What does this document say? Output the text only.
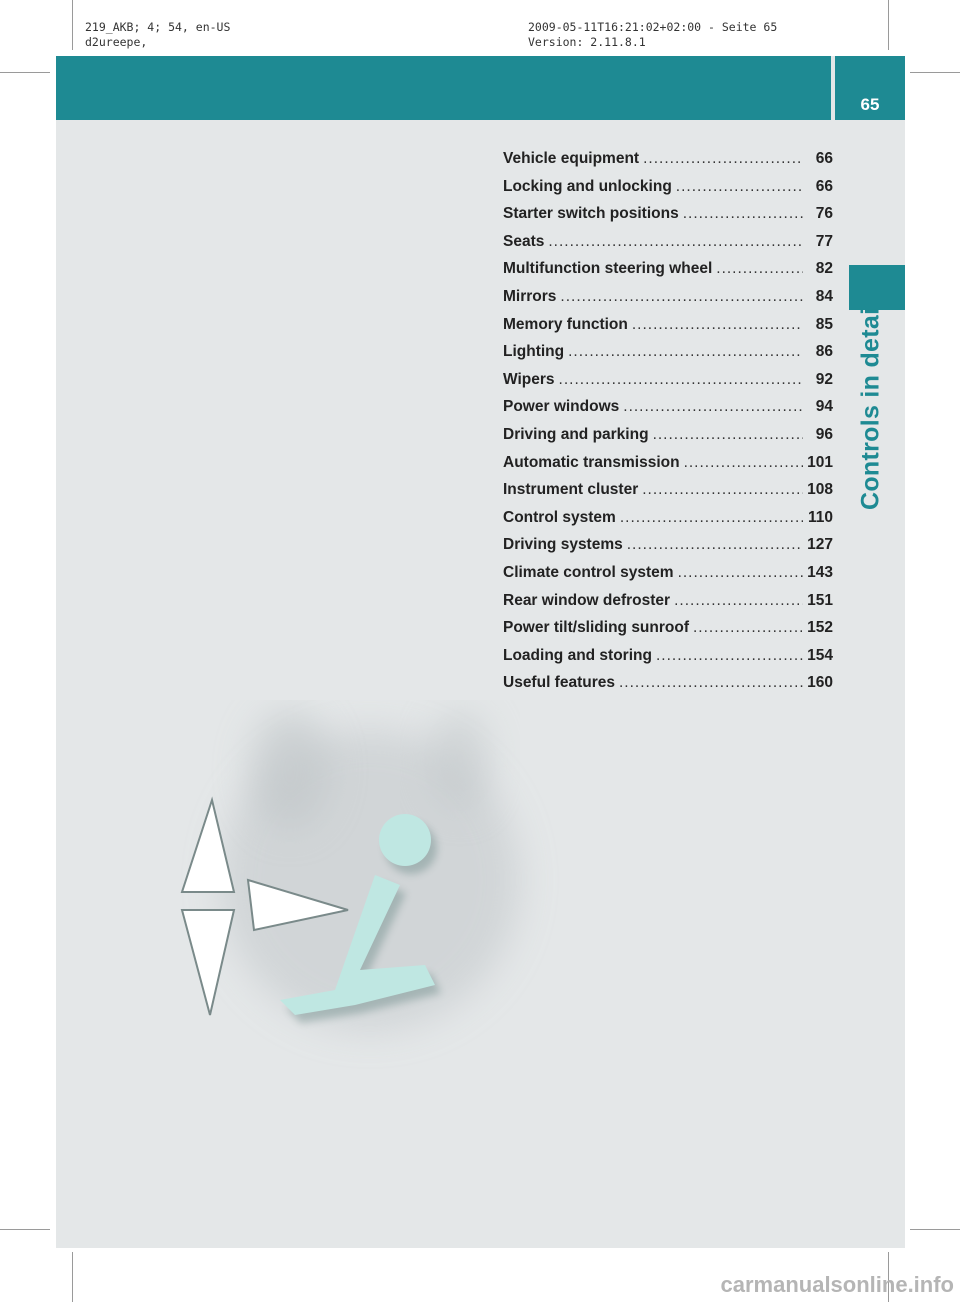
219_AKB; 4; 54, en-US
d2ureepe,
2009-05-11T16:21:02+02:00 - Seite 65
Version: 2.11.8.1
65
Controls in detail
Vehicle equipment .....	66
Locking and unlocking .....	66
Starter switch positions .....	76
Seats .....	77
Multifunction steering wheel .....	82
Mirrors .....	84
Memory function .....	85
Lighting .....	86
Wipers .....	92
Power windows .....	94
Driving and parking .....	96
Automatic transmission .....	101
Instrument cluster .....	108
Control system .....	110
Driving systems .....	127
Climate control system .....	143
Rear window defroster .....	151
Power tilt/sliding sunroof .....	152
Loading and storing .....	154
Useful features .....	160
carmanualsonline.info
